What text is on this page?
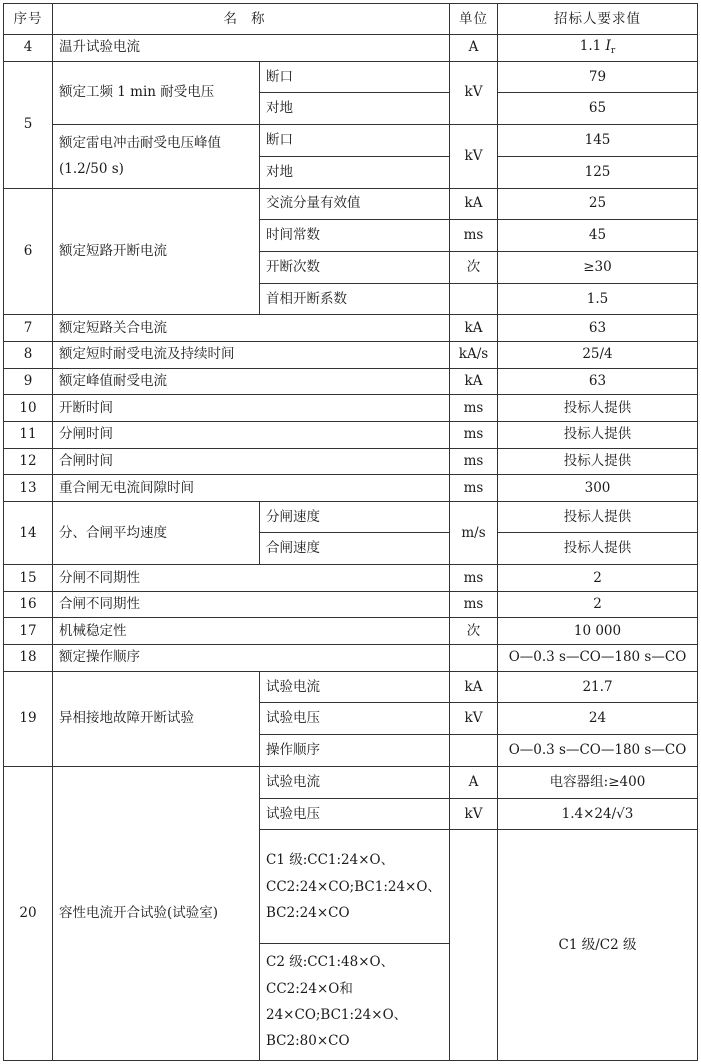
序号	名称		单位	招标人要求值
4	温升试验电流		A	1.1 $I_r$
5	额定工频 1 min 耐受电压	断口	kV	79
		对地		65
	额定雷电冲击耐受电压峰值(1.2/50 s)	断口	kV	145
		对地		125
6	额定短路开断电流	交流分量有效值	kA	25
		时间常数	ms	45
		开断次数	次	≥30
		首相开断系数		1.5
7	额定短路关合电流		kA	63
8	额定短时耐受电流及持续时间		kA/s	25/4
9	额定峰值耐受电流		kA	63
10	开断时间		ms	投标人提供
11	分闸时间		ms	投标人提供
12	合闸时间		ms	投标人提供
13	重合闸无电流间隙时间		ms	300
14	分、合闸平均速度	分闸速度	m/s	投标人提供
		合闸速度		投标人提供
15	分闸不同期性		ms	2
16	合闸不同期性		ms	2
17	机械稳定性		次	10 000
18	额定操作顺序			O—0.3 s—CO—180 s—CO
19	异相接地故障开断试验	试验电流	kA	21.7
		试验电压	kV	24
		操作顺序		O—0.3 s—CO—180 s—CO
20	容性电流开合试验(试验室)	试验电流	A	电容器组:≥400
		试验电压	kV	1.4×24/√3
		C1 级:CC1:24×O、CC2:24×CO;BC1:24×O、BC2:24×CO		C1 级/C2 级
		C2 级:CC1:48×O、CC2:24×O和 24×CO;BC1:24×O、BC2:80×CO		
